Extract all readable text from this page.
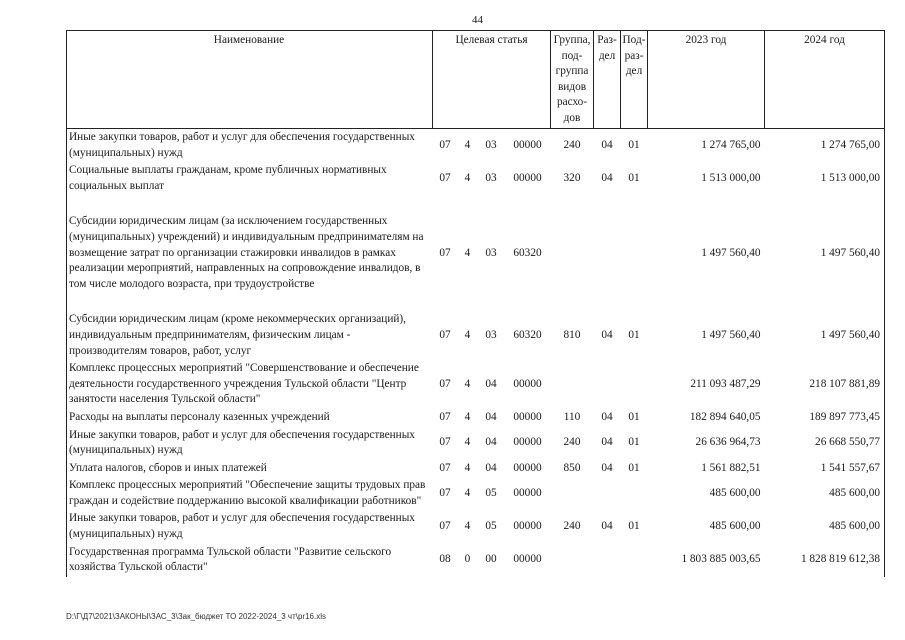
44
Наименование	Целевая статья				Группа, под- группа видов расхо- дов	Раз- дел	Под- раз- дел	2023 год	2024 год
Иные закупки товаров, работ и услуг для обеспечения государственных (муниципальных) нужд	07	4	03	00000	240	04	01	1 274 765,00	1 274 765,00
Социальные выплаты гражданам, кроме публичных нормативных социальных выплат	07	4	03	00000	320	04	01	1 513 000,00	1 513 000,00

Субсидии юридическим лицам (за исключением государственных (муниципальных) учреждений) и индивидуальным предпринимателям на возмещение затрат по организации стажировки инвалидов в рамках реализации мероприятий, направленных на сопровождение инвалидов, в том числе молодого возраста, при трудоустройстве	07	4	03	60320				1 497 560,40	1 497 560,40

Субсидии юридическим лицам (кроме некоммерческих организаций), индивидуальным предпринимателям, физическим лицам - производителям товаров, работ, услуг	07	4	03	60320	810	04	01	1 497 560,40	1 497 560,40
Комплекс процессных мероприятий "Совершенствование и обеспечение деятельности государственного учреждения Тульской области "Центр занятости населения Тульской области"	07	4	04	00000				211 093 487,29	218 107 881,89
Расходы на выплаты персоналу казенных учреждений	07	4	04	00000	110	04	01	182 894 640,05	189 897 773,45
Иные закупки товаров, работ и услуг для обеспечения государственных (муниципальных) нужд	07	4	04	00000	240	04	01	26 636 964,73	26 668 550,77
Уплата налогов, сборов и иных платежей	07	4	04	00000	850	04	01	1 561 882,51	1 541 557,67
Комплекс процессных мероприятий "Обеспечение защиты трудовых прав граждан и содействие поддержанию высокой квалификации работников"	07	4	05	00000				485 600,00	485 600,00
Иные закупки товаров, работ и услуг для обеспечения государственных (муниципальных) нужд	07	4	05	00000	240	04	01	485 600,00	485 600,00
Государственная программа Тульской области "Развитие сельского хозяйства Тульской области"	08	0	00	00000				1 803 885 003,65	1 828 819 612,38
D:\Г\Д7\2021\ЗАКОНЫ\ЗАС_3\Зак_бюджет ТО 2022-2024_3 чт\pr16.xls
